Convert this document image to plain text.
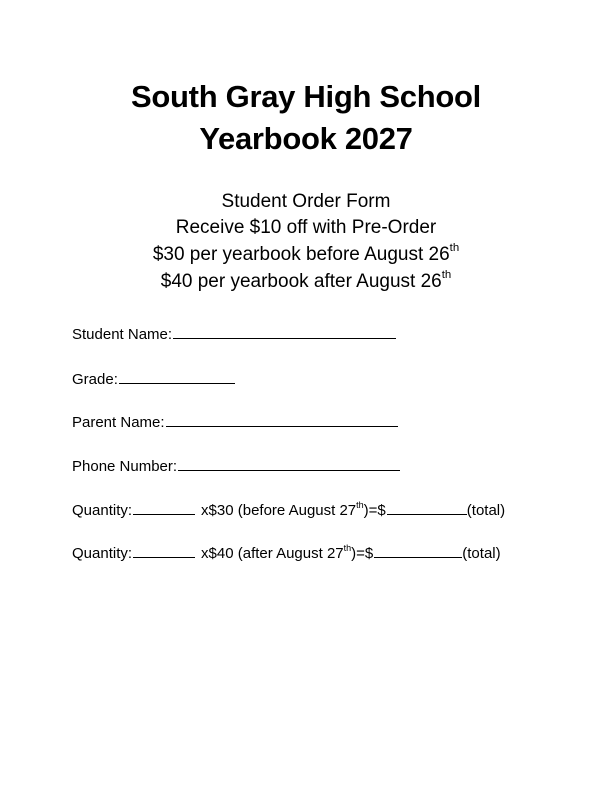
South Gray High School
Yearbook 2027
Student Order Form
Receive $10 off with Pre-Order
$30 per yearbook before August 26th
$40 per yearbook after August 26th
Student Name:
Grade:
Parent Name:
Phone Number:
Quantity:	x$30 (before August 27th)=$	(total)
Quantity:	x$40 (after August 27th)=$	(total)
